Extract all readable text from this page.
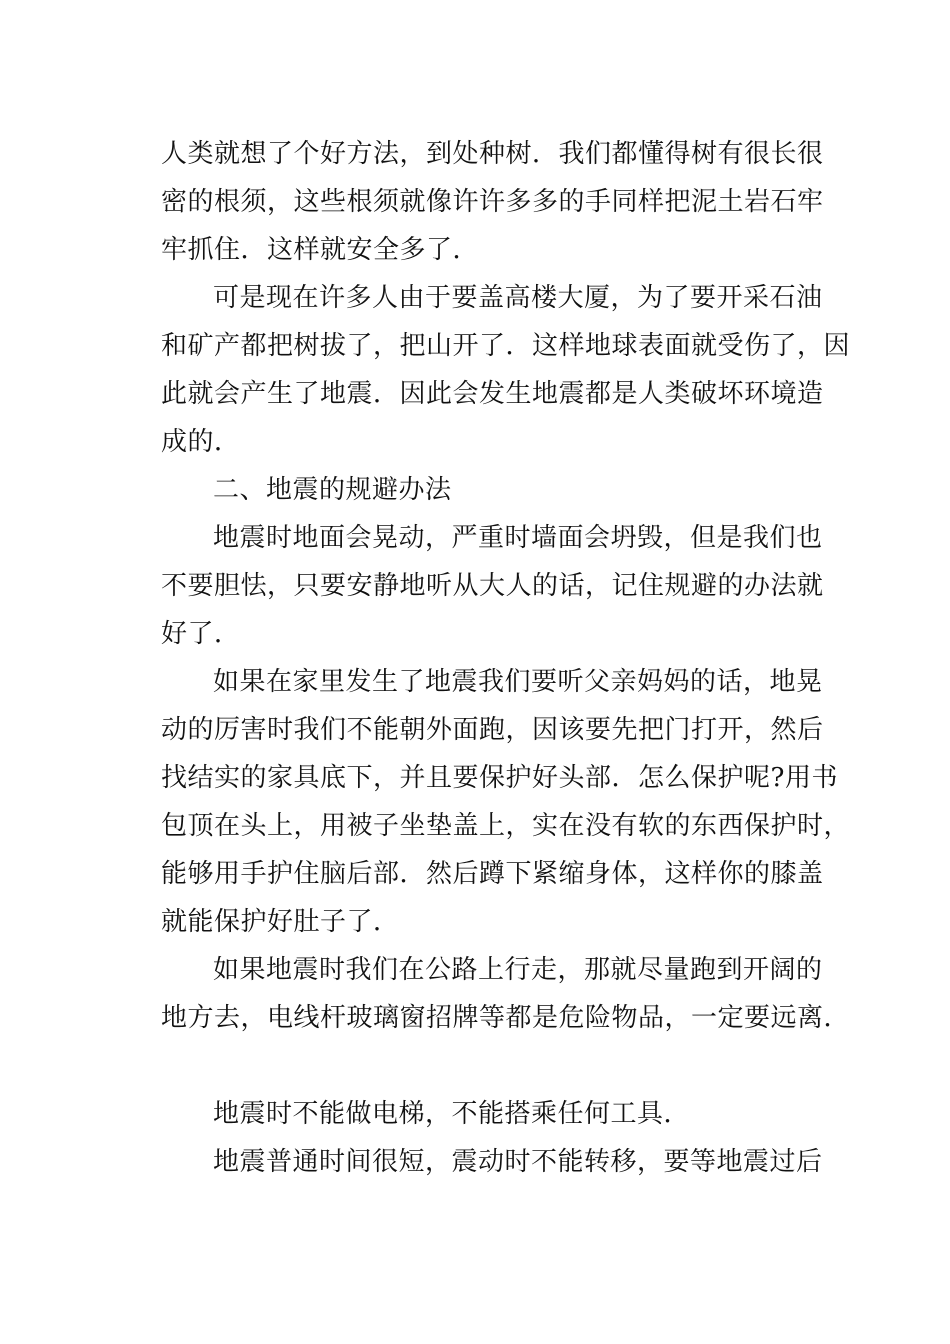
人类就想了个好方法，到处种树．我们都懂得树有很长很
密的根须，这些根须就像许许多多的手同样把泥土岩石牢
牢抓住．这样就安全多了．

可是现在许多人由于要盖高楼大厦，为了要开采石油
和矿产都把树拔了，把山开了．这样地球表面就受伤了，因
此就会产生了地震．因此会发生地震都是人类破坏环境造
成的．

二、地震的规避办法

地震时地面会晃动，严重时墙面会坍毁，但是我们也
不要胆怯，只要安静地听从大人的话，记住规避的办法就
好了．

如果在家里发生了地震我们要听父亲妈妈的话，地晃
动的厉害时我们不能朝外面跑，因该要先把门打开，然后
找结实的家具底下，并且要保护好头部．怎么保护呢?用书
包顶在头上，用被子坐垫盖上，实在没有软的东西保护时，
能够用手护住脑后部．然后蹲下紧缩身体，这样你的膝盖
就能保护好肚子了．

如果地震时我们在公路上行走，那就尽量跑到开阔的
地方去，电线杆玻璃窗招牌等都是危险物品，一定要远离．

地震时不能做电梯，不能搭乘任何工具．

地震普通时间很短，震动时不能转移，要等地震过后
